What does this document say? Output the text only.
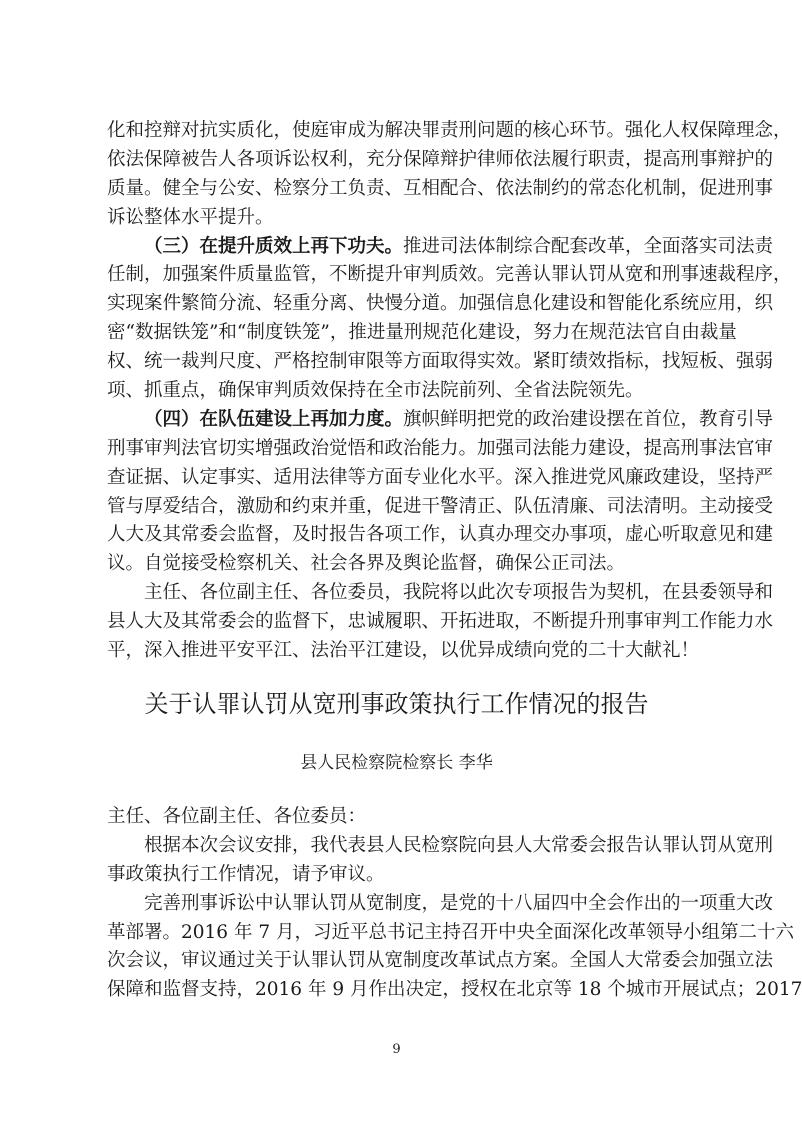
化和控辩对抗实质化，使庭审成为解决罪责刑问题的核心环节。强化人权保障理念，
依法保障被告人各项诉讼权利，充分保障辩护律师依法履行职责，提高刑事辩护的
质量。健全与公安、检察分工负责、互相配合、依法制约的常态化机制，促进刑事
诉讼整体水平提升。
（三）在提升质效上再下功夫。推进司法体制综合配套改革，全面落实司法责
任制，加强案件质量监管，不断提升审判质效。完善认罪认罚从宽和刑事速裁程序，
实现案件繁简分流、轻重分离、快慢分道。加强信息化建设和智能化系统应用，织
密“数据铁笼”和“制度铁笼”，推进量刑规范化建设，努力在规范法官自由裁量
权、统一裁判尺度、严格控制审限等方面取得实效。紧盯绩效指标，找短板、强弱
项、抓重点，确保审判质效保持在全市法院前列、全省法院领先。
（四）在队伍建设上再加力度。旗帜鲜明把党的政治建设摆在首位，教育引导
刑事审判法官切实增强政治觉悟和政治能力。加强司法能力建设，提高刑事法官审
查证据、认定事实、适用法律等方面专业化水平。深入推进党风廉政建设，坚持严
管与厚爱结合，激励和约束并重，促进干警清正、队伍清廉、司法清明。主动接受
人大及其常委会监督，及时报告各项工作，认真办理交办事项，虚心听取意见和建
议。自觉接受检察机关、社会各界及舆论监督，确保公正司法。
主任、各位副主任、各位委员，我院将以此次专项报告为契机，在县委领导和
县人大及其常委会的监督下，忠诚履职、开拓进取，不断提升刑事审判工作能力水
平，深入推进平安平江、法治平江建设，以优异成绩向党的二十大献礼！
关于认罪认罚从宽刑事政策执行工作情况的报告
县人民检察院检察长 李华
主任、各位副主任、各位委员：
根据本次会议安排，我代表县人民检察院向县人大常委会报告认罪认罚从宽刑
事政策执行工作情况，请予审议。
完善刑事诉讼中认罪认罚从宽制度，是党的十八届四中全会作出的一项重大改
革部署。2016 年 7 月，习近平总书记主持召开中央全面深化改革领导小组第二十六
次会议，审议通过关于认罪认罚从宽制度改革试点方案。全国人大常委会加强立法
保障和监督支持，2016 年 9 月作出决定，授权在北京等 18 个城市开展试点；2017
9
